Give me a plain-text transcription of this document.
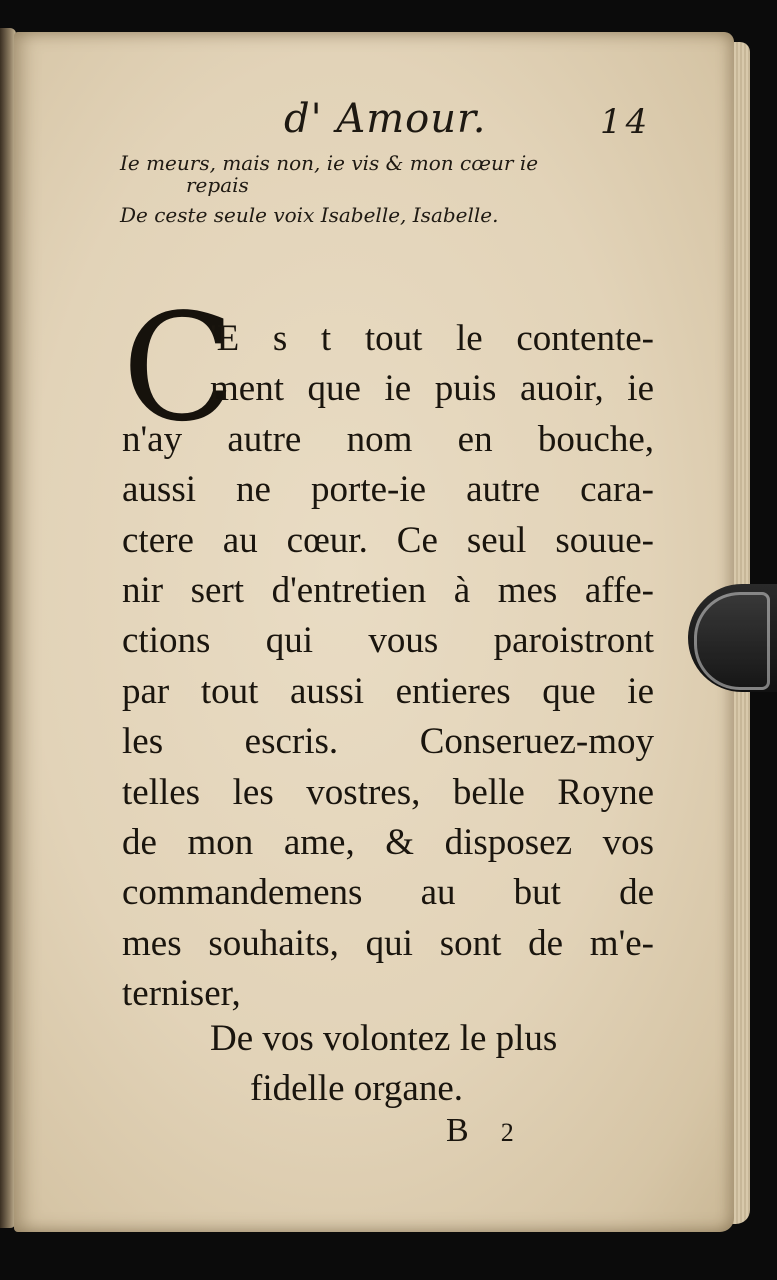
d' Amour.	14
Ie meurs, mais non, ie vis & mon cœur ie
repais
De ceste seule voix Isabelle, Isabelle.
C
'E s t tout le contente-
ment que ie puis auoir, ie
n'ay autre nom en bouche,
aussi ne porte-ie autre cara-
ctere au cœur. Ce seul souue-
nir sert d'entretien à mes affe-
ctions qui vous paroistront
par tout aussi entieres que ie
les escris. Conseruez-moy
telles les vostres, belle Royne
de mon ame, & disposez vos
commandemens au but de
mes souhaits, qui sont de m'e-
terniser,
De vos volontez le plus
fidelle organe.
B 2
